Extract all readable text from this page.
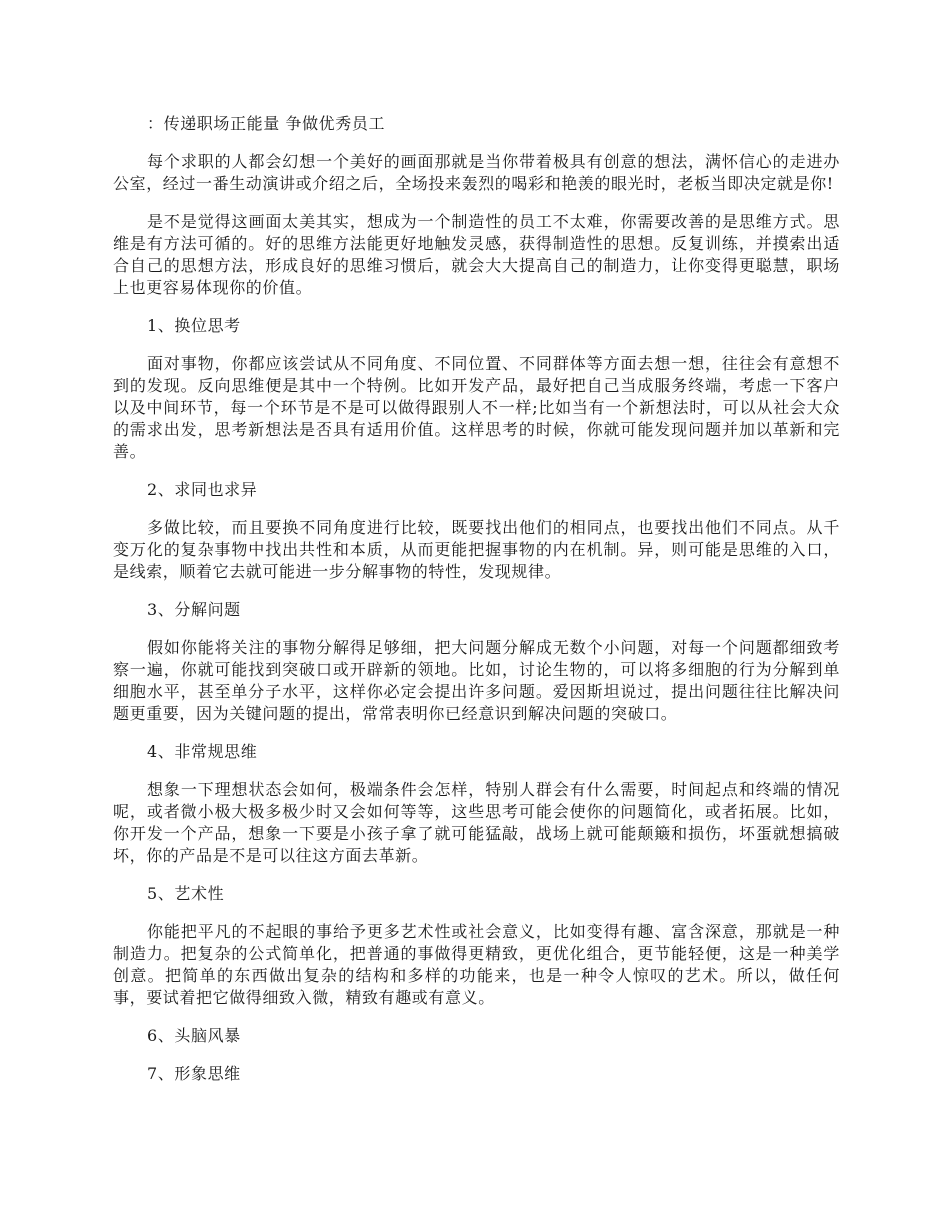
：传递职场正能量 争做优秀员工

每个求职的人都会幻想一个美好的画面那就是当你带着极具有创意的想法，满怀信心的走进办公室，经过一番生动演讲或介绍之后，全场投来轰烈的喝彩和艳羡的眼光时，老板当即决定就是你!

是不是觉得这画面太美其实，想成为一个制造性的员工不太难，你需要改善的是思维方式。思维是有方法可循的。好的思维方法能更好地触发灵感，获得制造性的思想。反复训练，并摸索出适合自己的思想方法，形成良好的思维习惯后，就会大大提高自己的制造力，让你变得更聪慧，职场上也更容易体现你的价值。

1、换位思考

面对事物，你都应该尝试从不同角度、不同位置、不同群体等方面去想一想，往往会有意想不到的发现。反向思维便是其中一个特例。比如开发产品，最好把自己当成服务终端，考虑一下客户以及中间环节，每一个环节是不是可以做得跟别人不一样;比如当有一个新想法时，可以从社会大众的需求出发，思考新想法是否具有适用价值。这样思考的时候，你就可能发现问题并加以革新和完善。

2、求同也求异

多做比较，而且要换不同角度进行比较，既要找出他们的相同点，也要找出他们不同点。从千变万化的复杂事物中找出共性和本质，从而更能把握事物的内在机制。异，则可能是思维的入口，是线索，顺着它去就可能进一步分解事物的特性，发现规律。

3、分解问题

假如你能将关注的事物分解得足够细，把大问题分解成无数个小问题，对每一个问题都细致考察一遍，你就可能找到突破口或开辟新的领地。比如，讨论生物的，可以将多细胞的行为分解到单细胞水平，甚至单分子水平，这样你必定会提出许多问题。爱因斯坦说过，提出问题往往比解决问题更重要，因为关键问题的提出，常常表明你已经意识到解决问题的突破口。

4、非常规思维

想象一下理想状态会如何，极端条件会怎样，特别人群会有什么需要，时间起点和终端的情况呢，或者微小极大极多极少时又会如何等等，这些思考可能会使你的问题简化，或者拓展。比如，你开发一个产品，想象一下要是小孩子拿了就可能猛敲，战场上就可能颠簸和损伤，坏蛋就想搞破坏，你的产品是不是可以往这方面去革新。

5、艺术性

你能把平凡的不起眼的事给予更多艺术性或社会意义，比如变得有趣、富含深意，那就是一种制造力。把复杂的公式简单化，把普通的事做得更精致，更优化组合，更节能轻便，这是一种美学创意。把简单的东西做出复杂的结构和多样的功能来，也是一种令人惊叹的艺术。所以，做任何事，要试着把它做得细致入微，精致有趣或有意义。

6、头脑风暴
7、形象思维
